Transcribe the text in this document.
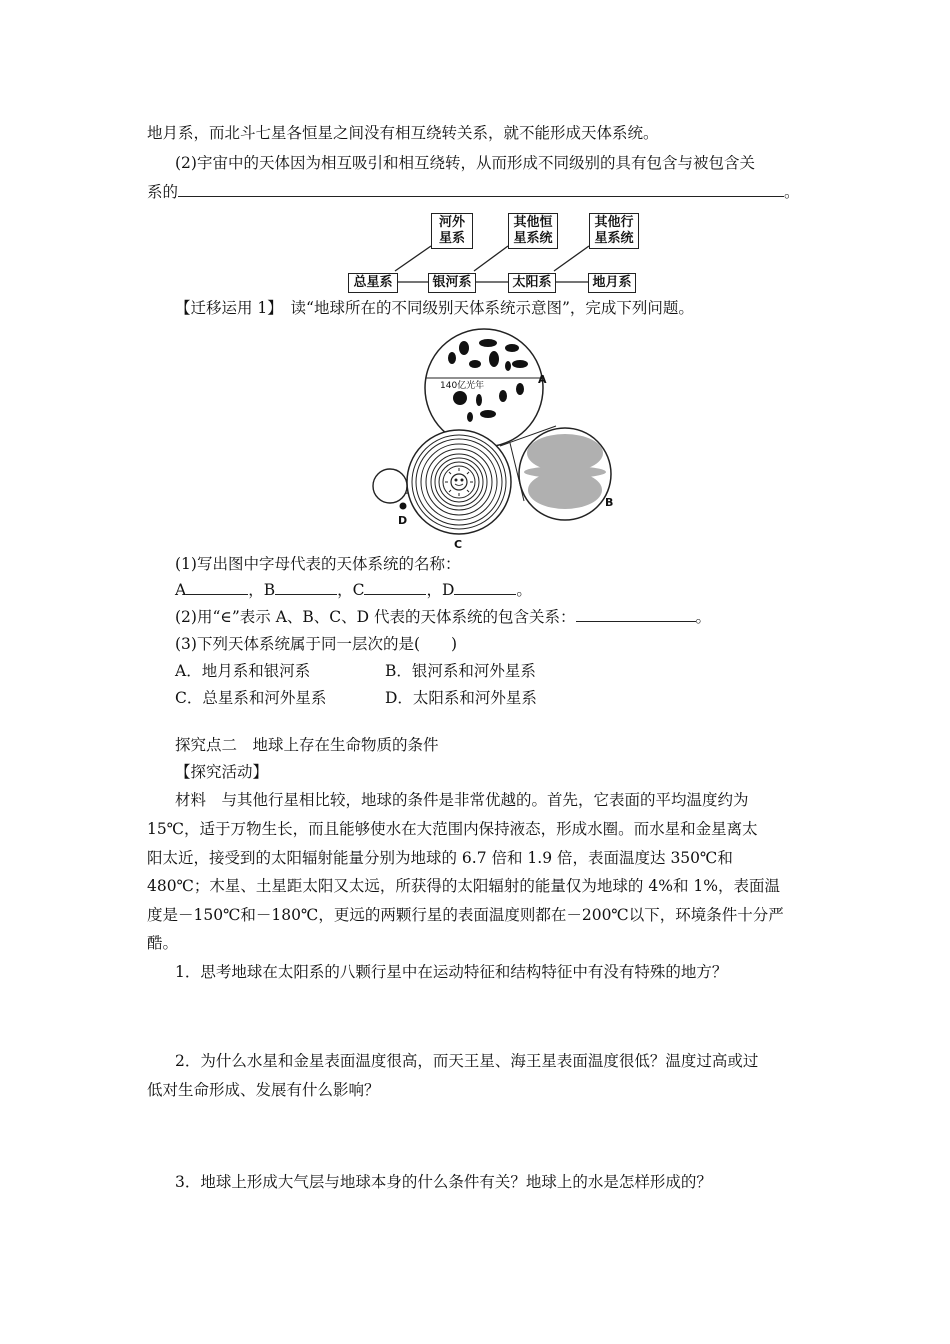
地月系，而北斗七星各恒星之间没有相互绕转关系，就不能形成天体系统。
(2)宇宙中的天体因为相互吸引和相互绕转，从而形成不同级别的具有包含与被包含关
系的	。
河外
星系
其他恒
星系统
其他行
星系统
总星系	银河系	太阳系	地月系
【迁移运用 1】　读“地球所在的不同级别天体系统示意图”，完成下列问题。
140亿光年	A
B
C
D
(1)写出图中字母代表的天体系统的名称：
A	，B	，C	，D	。
(2)用“∈”表示 A、B、C、D 代表的天体系统的包含关系：	。
(3)下列天体系统属于同一层次的是(　　)
A．地月系和银河系	B．银河系和河外星系
C．总星系和河外星系	D．太阳系和河外星系
探究点二　地球上存在生命物质的条件
【探究活动】
材料　与其他行星相比较，地球的条件是非常优越的。首先，它表面的平均温度约为
15℃，适于万物生长，而且能够使水在大范围内保持液态，形成水圈。而水星和金星离太
阳太近，接受到的太阳辐射能量分别为地球的 6.7 倍和 1.9 倍，表面温度达 350℃和
480℃；木星、土星距太阳又太远，所获得的太阳辐射的能量仅为地球的 4%和 1%，表面温
度是－150℃和－180℃，更远的两颗行星的表面温度则都在－200℃以下，环境条件十分严
酷。
1．思考地球在太阳系的八颗行星中在运动特征和结构特征中有没有特殊的地方？
2．为什么水星和金星表面温度很高，而天王星、海王星表面温度很低？温度过高或过
低对生命形成、发展有什么影响？
3．地球上形成大气层与地球本身的什么条件有关？地球上的水是怎样形成的？
